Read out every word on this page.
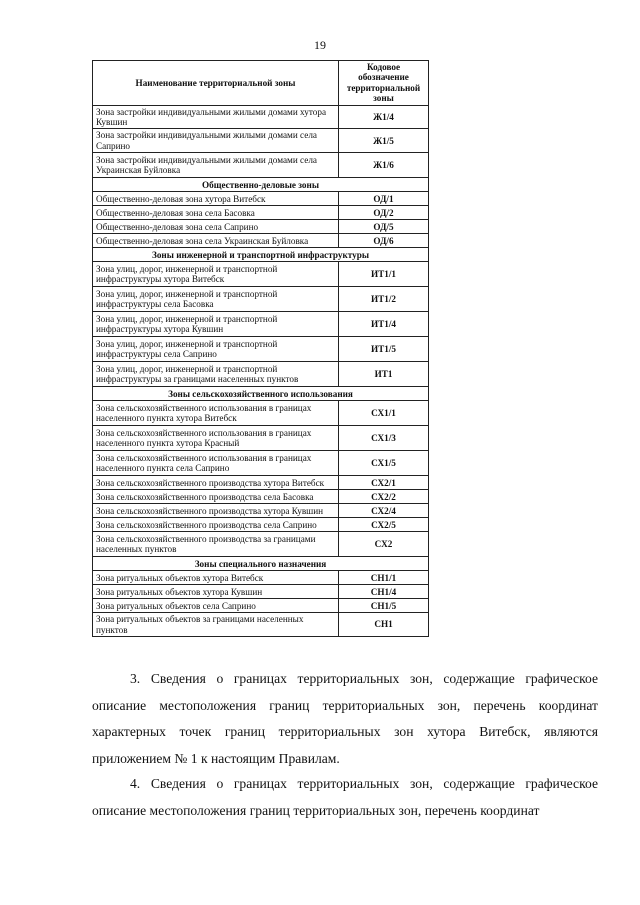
19
Наименование территориальной зоны	Кодовое обозначение территориальной зоны
Зона застройки индивидуальными жилыми домами хутора Кувшин	Ж1/4
Зона застройки индивидуальными жилыми домами села Саприно	Ж1/5
Зона застройки индивидуальными жилыми домами села Украинская Буйловка	Ж1/6
Общественно-деловые зоны	
Общественно-деловая зона хутора Витебск	ОД/1
Общественно-деловая зона села Басовка	ОД/2
Общественно-деловая зона села Саприно	ОД/5
Общественно-деловая зона села Украинская Буйловка	ОД/6
Зоны инженерной и транспортной инфраструктуры	
Зона улиц, дорог, инженерной и транспортной инфраструктуры хутора Витебск	ИТ1/1
Зона улиц, дорог, инженерной и транспортной инфраструктуры села Басовка	ИТ1/2
Зона улиц, дорог, инженерной и транспортной инфраструктуры хутора Кувшин	ИТ1/4
Зона улиц, дорог, инженерной и транспортной инфраструктуры села Саприно	ИТ1/5
Зона улиц, дорог, инженерной и транспортной инфраструктуры за границами населенных пунктов	ИТ1
Зоны сельскохозяйственного использования	
Зона сельскохозяйственного использования в границах населенного пункта хутора Витебск	СХ1/1
Зона сельскохозяйственного использования в границах населенного пункта хутора Красный	СХ1/3
Зона сельскохозяйственного использования в границах населенного пункта села Саприно	СХ1/5
Зона сельскохозяйственного производства хутора Витебск	СХ2/1
Зона сельскохозяйственного производства села Басовка	СХ2/2
Зона сельскохозяйственного производства хутора Кувшин	СХ2/4
Зона сельскохозяйственного производства села Саприно	СХ2/5
Зона сельскохозяйственного производства за границами населенных пунктов	СХ2
Зоны специального назначения	
Зона ритуальных объектов хутора Витебск	СН1/1
Зона ритуальных объектов хутора Кувшин	СН1/4
Зона ритуальных объектов села Саприно	СН1/5
Зона ритуальных объектов за границами населенных пунктов	СН1

3. Сведения о границах территориальных зон, содержащие графическое описание местоположения границ территориальных зон, перечень координат характерных точек границ территориальных зон хутора Витебск, являются приложением № 1 к настоящим Правилам.

4. Сведения о границах территориальных зон, содержащие графическое описание местоположения границ территориальных зон, перечень координат
